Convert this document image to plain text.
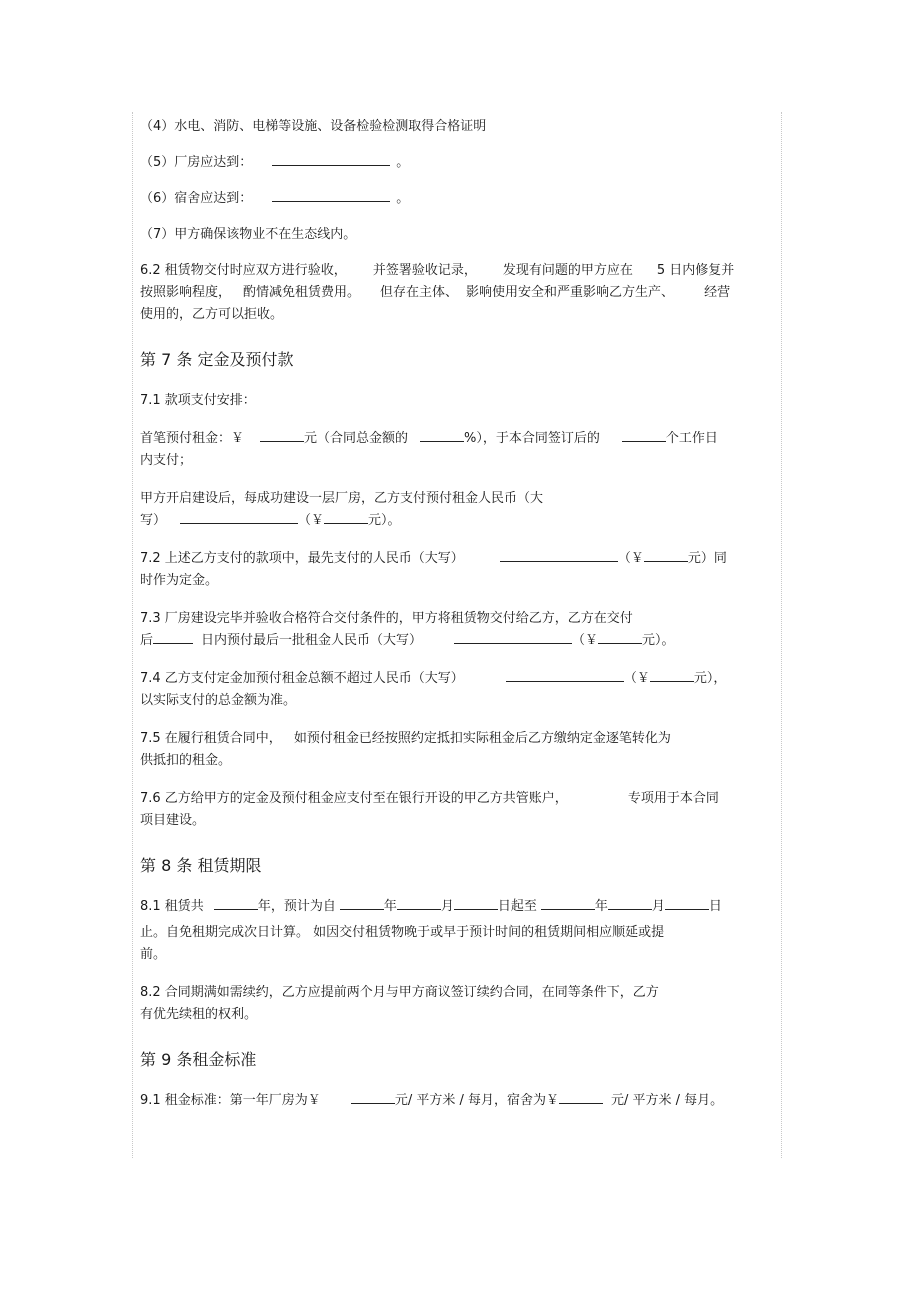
（4）水电、消防、电梯等设施、设备检验检测取得合格证明

（5）厂房应达到：	。

（6）宿舍应达到：	。

（7）甲方确保该物业不在生态线内。

6.2 租赁物交付时应双方进行验收， 并签署验收记录， 发现有问题的甲方应在 5 日内修复并

按照影响程度， 酌情减免租赁费用。 但存在主体、 影响使用安全和严重影响乙方生产、 经营

使用的，乙方可以拒收。

第 7 条 定金及预付款

7.1 款项支付安排：

首笔预付租金：￥	元（合同总金额的	%），于本合同签订后的	个工作日

内支付；

甲方开启建设后，每成功建设一层厂房，乙方支付预付租金人民币（大

写）	（￥	元）。

7.2 上述乙方支付的款项中，最先支付的人民币（大写）	（￥	元）同

时作为定金。

7.3 厂房建设完毕并验收合格符合交付条件的，甲方将租赁物交付给乙方，乙方在交付

后	日内预付最后一批租金人民币（大写）	（￥	元）。

7.4 乙方支付定金加预付租金总额不超过人民币（大写）	（￥	元），

以实际支付的总金额为准。

7.5 在履行租赁合同中， 如预付租金已经按照约定抵扣实际租金后乙方缴纳定金逐笔转化为

供抵扣的租金。

7.6 乙方给甲方的定金及预付租金应支付至在银行开设的甲乙方共管账户，	专项用于本合同

项目建设。

第 8 条 租赁期限

8.1 租赁共	年，预计为自	年	月	日起至	年	月	日

止。自免租期完成次日计算。 如因交付租赁物晚于或早于预计时间的租赁期间相应顺延或提

前。

8.2 合同期满如需续约，乙方应提前两个月与甲方商议签订续约合同，在同等条件下，乙方

有优先续租的权利。

第 9 条租金标准

9.1 租金标准：第一年厂房为￥	元/ 平方米 / 每月，宿舍为￥	元/ 平方米 / 每月。
